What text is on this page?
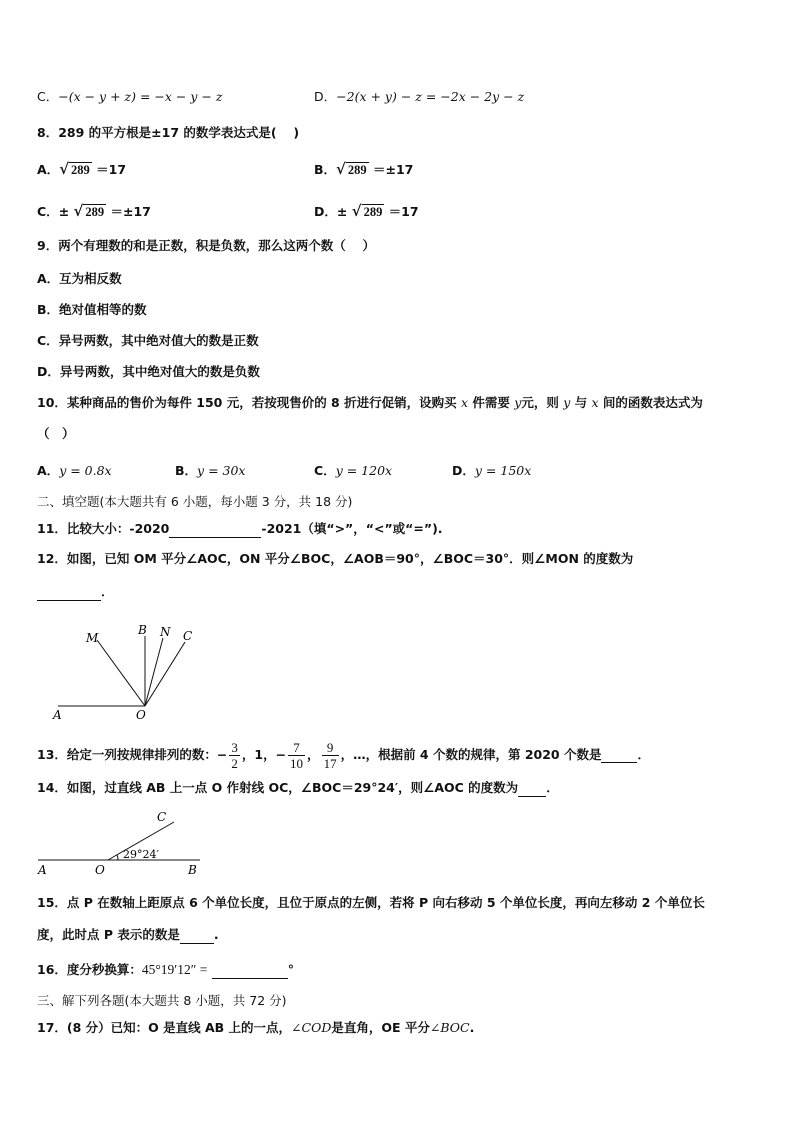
C．−(x − y + z) = −x − y − z	D．−2(x + y) − z = −2x − 2y − z
8．289 的平方根是±17 的数学表达式是(　 )
A．√ 289 ＝17	B．√ 289 ＝±17
C．± √ 289 ＝±17	D．± √ 289 ＝17
9．两个有理数的和是正数，积是负数，那么这两个数（　 ）
A．互为相反数
B．绝对值相等的数
C．异号两数，其中绝对值大的数是正数
D．异号两数，其中绝对值大的数是负数
10．某种商品的售价为每件 150 元，若按现售价的 8 折进行促销，设购买 x 件需要 y元，则 y 与 x 间的函数表达式为
（　）
A．y = 0.8x	B．y = 30x	C．y = 120x	D．y = 150x
二、填空题(本大题共有 6 小题，每小题 3 分，共 18 分)
11．比较大小：-2020	-2021（填“>”，“<”或“=”).
12．如图，已知 OM 平分∠AOC，ON 平分∠BOC，∠AOB＝90°，∠BOC＝30°．则∠MON 的度数为
．
M
B N C
A	O
C
A	O	B
29°24′
13．给定一列按规律排列的数：− $\frac{3}{2}$ ，1，− $\frac{7}{10}$ ， $\frac{9}{17}$ ，…，根据前 4 个数的规律，第 2020 个数是	．
14．如图，过直线 AB 上一点 O 作射线 OC，∠BOC＝29°24′，则∠AOC 的度数为 ．
15．点 P 在数轴上距原点 6 个单位长度，且位于原点的左侧，若将 P 向右移动 5 个单位长度，再向左移动 2 个单位长
度，此时点 P 表示的数是	.
16．度分秒换算：45°19′12″ =	°
三、解下列各题(本大题共 8 小题，共 72 分)
17．(8 分）已知：O 是直线 AB 上的一点，∠COD是直角，OE 平分∠BOC.
